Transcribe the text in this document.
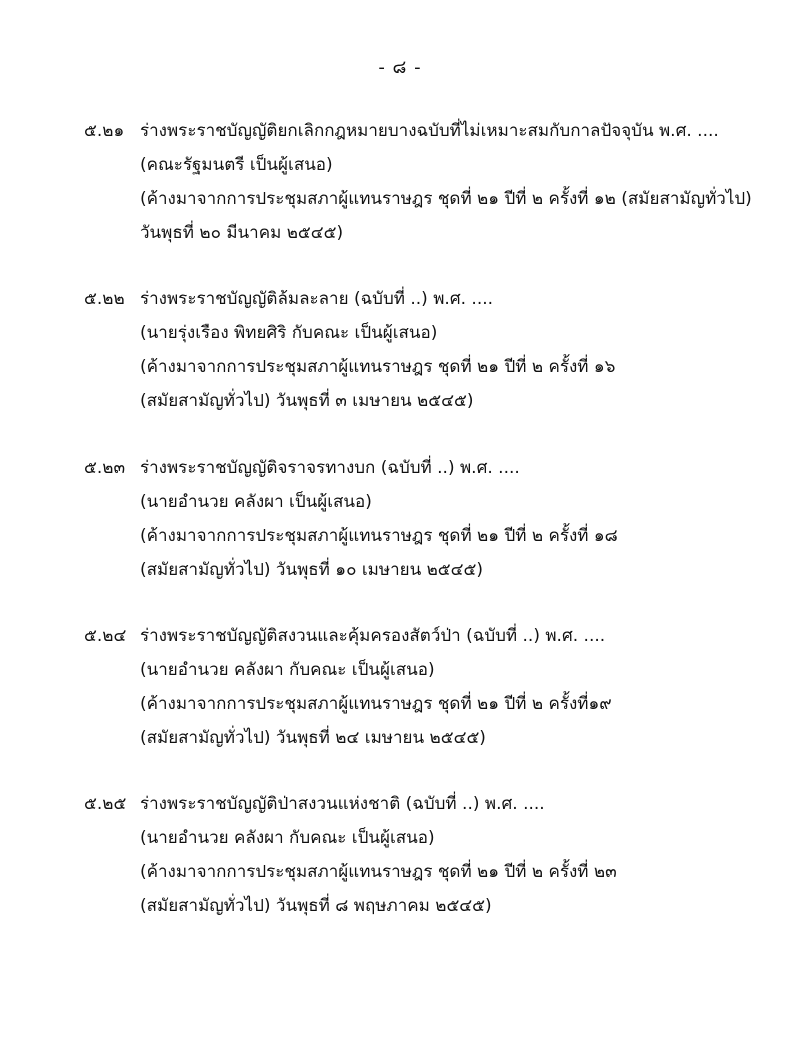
- ๘ -
๕.๒๑ ร่างพระราชบัญญัติยกเลิกกฎหมายบางฉบับที่ไม่เหมาะสมกับกาลปัจจุบัน พ.ศ. ....
(คณะรัฐมนตรี เป็นผู้เสนอ)
(ค้างมาจากการประชุมสภาผู้แทนราษฎร ชุดที่ ๒๑ ปีที่ ๒ ครั้งที่ ๑๒ (สมัยสามัญทั่วไป)
วันพุธที่ ๒๐ มีนาคม ๒๕๔๕)
๕.๒๒ ร่างพระราชบัญญัติล้มละลาย (ฉบับที่ ..) พ.ศ. ....
(นายรุ่งเรือง พิทยศิริ กับคณะ เป็นผู้เสนอ)
(ค้างมาจากการประชุมสภาผู้แทนราษฎร ชุดที่ ๒๑ ปีที่ ๒ ครั้งที่ ๑๖
(สมัยสามัญทั่วไป) วันพุธที่ ๓ เมษายน ๒๕๔๕)
๕.๒๓ ร่างพระราชบัญญัติจราจรทางบก (ฉบับที่ ..) พ.ศ. ....
(นายอำนวย คลังผา เป็นผู้เสนอ)
(ค้างมาจากการประชุมสภาผู้แทนราษฎร ชุดที่ ๒๑ ปีที่ ๒ ครั้งที่ ๑๘
(สมัยสามัญทั่วไป) วันพุธที่ ๑๐ เมษายน ๒๕๔๕)
๕.๒๔ ร่างพระราชบัญญัติสงวนและคุ้มครองสัตว์ป่า (ฉบับที่ ..) พ.ศ. ....
(นายอำนวย คลังผา กับคณะ เป็นผู้เสนอ)
(ค้างมาจากการประชุมสภาผู้แทนราษฎร ชุดที่ ๒๑ ปีที่ ๒ ครั้งที่๑๙
(สมัยสามัญทั่วไป) วันพุธที่ ๒๔ เมษายน ๒๕๔๕)
๕.๒๕ ร่างพระราชบัญญัติป่าสงวนแห่งชาติ (ฉบับที่ ..) พ.ศ. ....
(นายอำนวย คลังผา กับคณะ เป็นผู้เสนอ)
(ค้างมาจากการประชุมสภาผู้แทนราษฎร ชุดที่ ๒๑ ปีที่ ๒ ครั้งที่ ๒๓
(สมัยสามัญทั่วไป) วันพุธที่ ๘ พฤษภาคม ๒๕๔๕)
